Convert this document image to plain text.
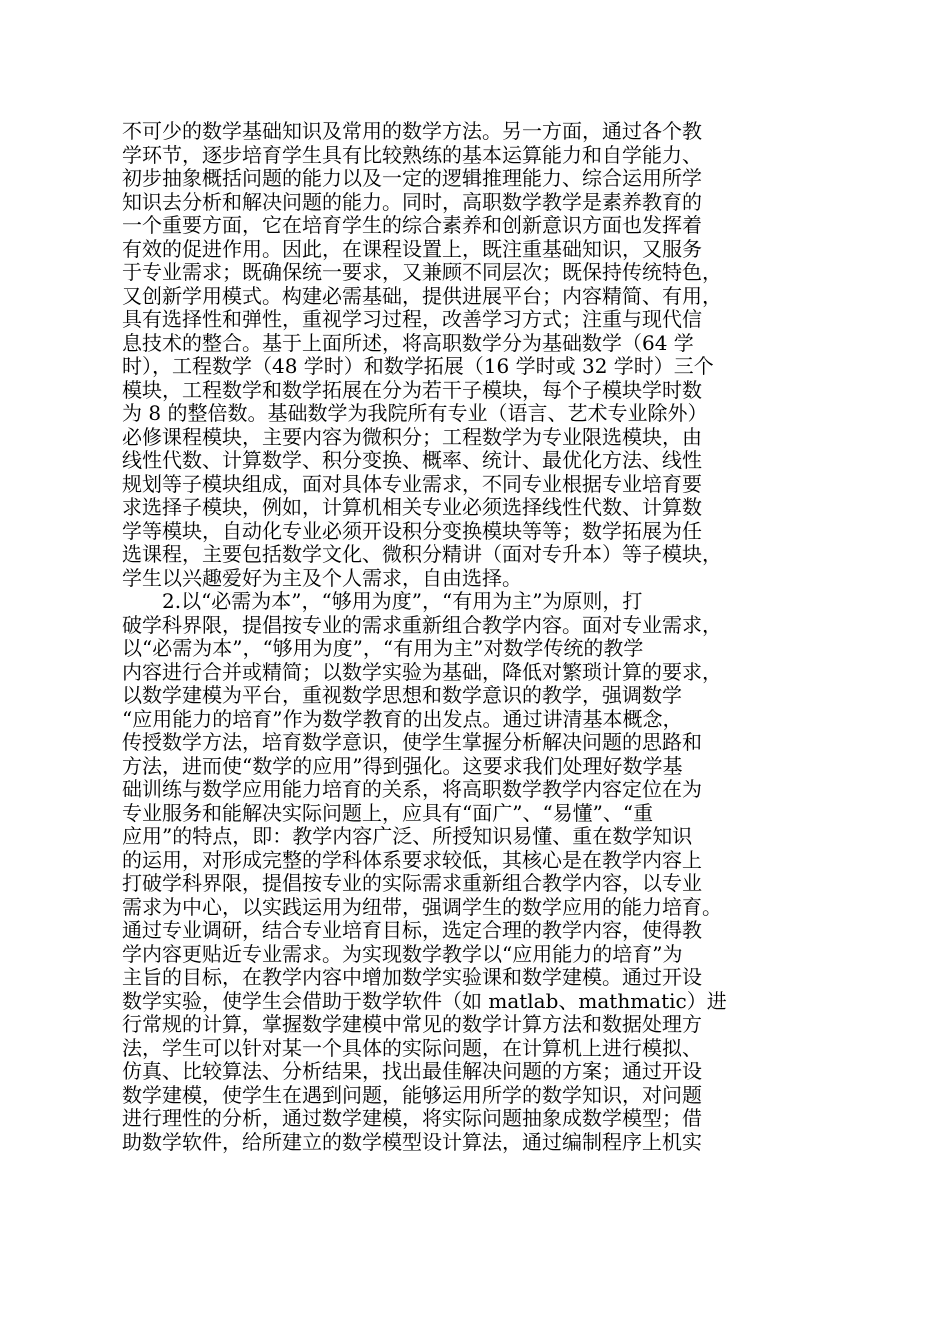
不可少的数学基础知识及常用的数学方法。另一方面，通过各个教
学环节，逐步培育学生具有比较熟练的基本运算能力和自学能力、
初步抽象概括问题的能力以及一定的逻辑推理能力、综合运用所学
知识去分析和解决问题的能力。同时，高职数学教学是素养教育的
一个重要方面，它在培育学生的综合素养和创新意识方面也发挥着
有效的促进作用。因此，在课程设置上，既注重基础知识，又服务
于专业需求；既确保统一要求，又兼顾不同层次；既保持传统特色，
又创新学用模式。构建必需基础，提供进展平台；内容精简、有用，
具有选择性和弹性，重视学习过程，改善学习方式；注重与现代信
息技术的整合。基于上面所述，将高职数学分为基础数学（64 学
时），工程数学（48 学时）和数学拓展（16 学时或 32 学时）三个
模块，工程数学和数学拓展在分为若干子模块，每个子模块学时数
为 8 的整倍数。基础数学为我院所有专业（语言、艺术专业除外）
必修课程模块，主要内容为微积分；工程数学为专业限选模块，由
线性代数、计算数学、积分变换、概率、统计、最优化方法、线性
规划等子模块组成，面对具体专业需求，不同专业根据专业培育要
求选择子模块，例如，计算机相关专业必须选择线性代数、计算数
学等模块，自动化专业必须开设积分变换模块等等；数学拓展为任
选课程，主要包括数学文化、微积分精讲（面对专升本）等子模块，
学生以兴趣爱好为主及个人需求，自由选择。
2.以“必需为本”，“够用为度”，“有用为主”为原则，打
破学科界限，提倡按专业的需求重新组合教学内容。面对专业需求，
以“必需为本”，“够用为度”，“有用为主”对数学传统的教学
内容进行合并或精简；以数学实验为基础，降低对繁琐计算的要求，
以数学建模为平台，重视数学思想和数学意识的教学，强调数学
“应用能力的培育”作为数学教育的出发点。通过讲清基本概念，
传授数学方法，培育数学意识，使学生掌握分析解决问题的思路和
方法，进而使“数学的应用”得到强化。这要求我们处理好数学基
础训练与数学应用能力培育的关系，将高职数学教学内容定位在为
专业服务和能解决实际问题上，应具有“面广”、“易懂”、“重
应用”的特点，即：教学内容广泛、所授知识易懂、重在数学知识
的运用，对形成完整的学科体系要求较低，其核心是在教学内容上
打破学科界限，提倡按专业的实际需求重新组合教学内容，以专业
需求为中心，以实践运用为纽带，强调学生的数学应用的能力培育。
通过专业调研，结合专业培育目标，选定合理的教学内容，使得教
学内容更贴近专业需求。为实现数学教学以“应用能力的培育”为
主旨的目标，在教学内容中增加数学实验课和数学建模。通过开设
数学实验，使学生会借助于数学软件（如 matlab、mathmatic）进
行常规的计算，掌握数学建模中常见的数学计算方法和数据处理方
法，学生可以针对某一个具体的实际问题，在计算机上进行模拟、
仿真、比较算法、分析结果，找出最佳解决问题的方案；通过开设
数学建模，使学生在遇到问题，能够运用所学的数学知识，对问题
进行理性的分析，通过数学建模，将实际问题抽象成数学模型；借
助数学软件，给所建立的数学模型设计算法，通过编制程序上机实
